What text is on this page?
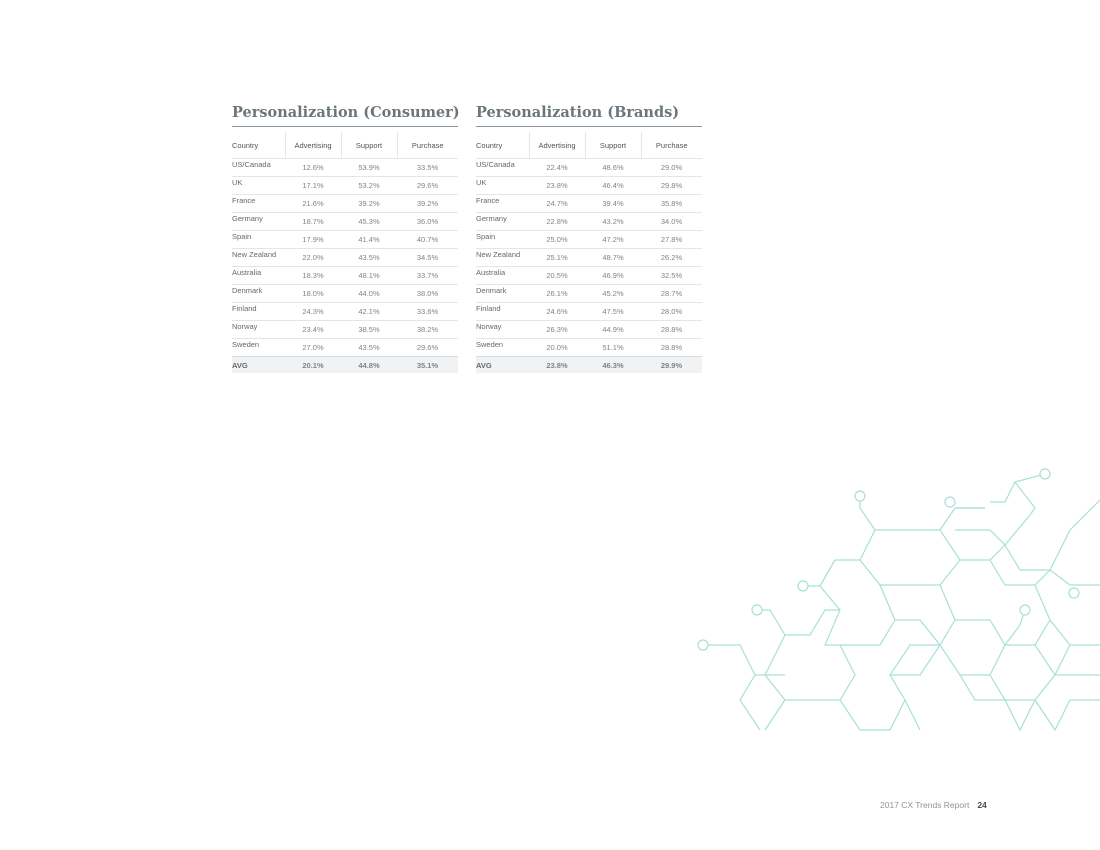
Personalization (Consumer)
Country	Advertising	Support	Purchase
US/Canada	12.6%	53.9%	33.5%
UK	17.1%	53.2%	29.6%
France	21.6%	39.2%	39.2%
Germany	18.7%	45.3%	36.0%
Spain	17.9%	41.4%	40.7%
New Zealand	22.0%	43.5%	34.5%
Australia	18.3%	48.1%	33.7%
Denmark	18.0%	44.0%	38.0%
Finland	24.3%	42.1%	33.6%
Norway	23.4%	38.5%	38.2%
Sweden	27.0%	43.5%	29.6%
AVG	20.1%	44.8%	35.1%
Personalization (Brands)
Country	Advertising	Support	Purchase
US/Canada	22.4%	48.6%	29.0%
UK	23.8%	46.4%	29.8%
France	24.7%	39.4%	35.8%
Germany	22.8%	43.2%	34.0%
Spain	25.0%	47.2%	27.8%
New Zealand	25.1%	48.7%	26.2%
Australia	20.5%	46.9%	32.5%
Denmark	26.1%	45.2%	28.7%
Finland	24.6%	47.5%	28.0%
Norway	26.3%	44.9%	28.8%
Sweden	20.0%	51.1%	28.8%
AVG	23.8%	46.3%	29.9%
2017 CX Trends Report 24
